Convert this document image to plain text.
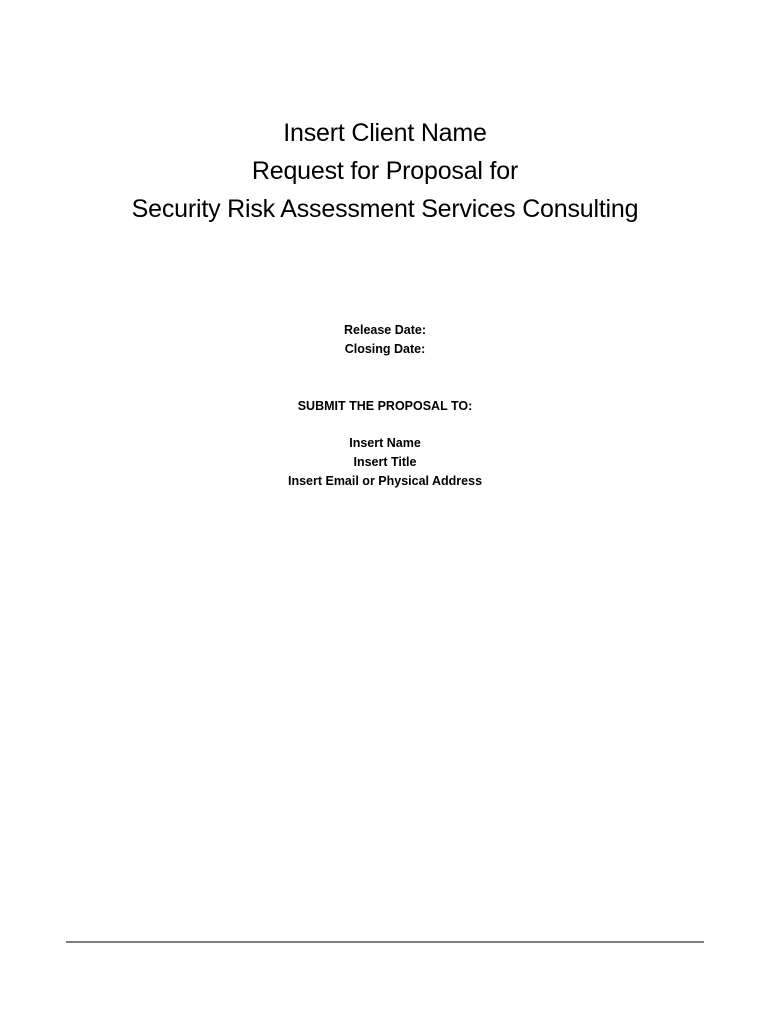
Insert Client Name
Request for Proposal for
Security Risk Assessment Services Consulting
Release Date:
Closing Date:
SUBMIT THE PROPOSAL TO:
Insert Name
Insert Title
Insert Email or Physical Address
